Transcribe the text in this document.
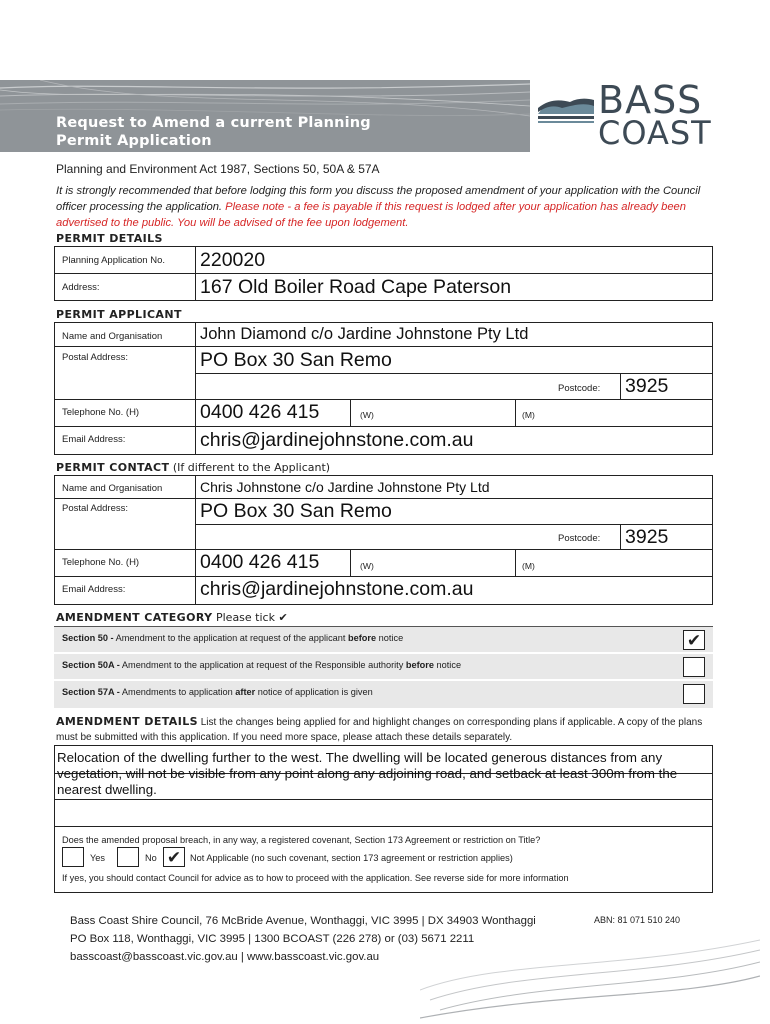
Request to Amend a current Planning
Permit Application
BASS
COAST
Planning and Environment Act 1987, Sections 50, 50A & 57A
It is strongly recommended that before lodging this form you discuss the proposed amendment of your application with the Council officer processing the application. Please note - a fee is payable if this request is lodged after your application has already been advertised to the public. You will be advised of the fee upon lodgement.
PERMIT DETAILS
Planning Application No. 220020
Address:	167 Old Boiler Road Cape Paterson
PERMIT APPLICANT
Name and Organisation John Diamond c/o Jardine Johnstone Pty Ltd
Postal Address:	PO Box 30 San Remo
Postcode: 3925
Telephone No. (H)	0400 426 415	(W)	(M)
Email Address:	chris@jardinejohnstone.com.au
PERMIT CONTACT (If different to the Applicant)
Name and Organisation	Chris Johnstone c/o Jardine Johnstone Pty Ltd
Postal Address:	PO Box 30 San Remo
Postcode: 3925
Telephone No. (H)	0400 426 415	(W)	(M)
Email Address:	chris@jardinejohnstone.com.au
AMENDMENT CATEGORY Please tick ✔
Section 50 - Amendment to the application at request of the applicant before notice	✔
Section 50A - Amendment to the application at request of the Responsible authority before notice
Section 57A - Amendments to application after notice of application is given
AMENDMENT DETAILS List the changes being applied for and highlight changes on corresponding plans if applicable. A copy of the plans must be submitted with this application. If you need more space, please attach these details separately.
Relocation of the dwelling further to the west. The dwelling will be located generous distances from any vegetation, will not be visible from any point along any adjoining road, and setback at least 300m from the nearest dwelling.
Does the amended proposal breach, in any way, a registered covenant, Section 173 Agreement or restriction on Title?
Yes	No ✔ Not Applicable (no such covenant, section 173 agreement or restriction applies)
If yes, you should contact Council for advice as to how to proceed with the application. See reverse side for more information
Bass Coast Shire Council, 76 McBride Avenue, Wonthaggi, VIC 3995 | DX 34903 Wonthaggi
PO Box 118, Wonthaggi, VIC 3995 | 1300 BCOAST (226 278) or (03) 5671 2211
basscoast@basscoast.vic.gov.au | www.basscoast.vic.gov.au
ABN: 81 071 510 240
